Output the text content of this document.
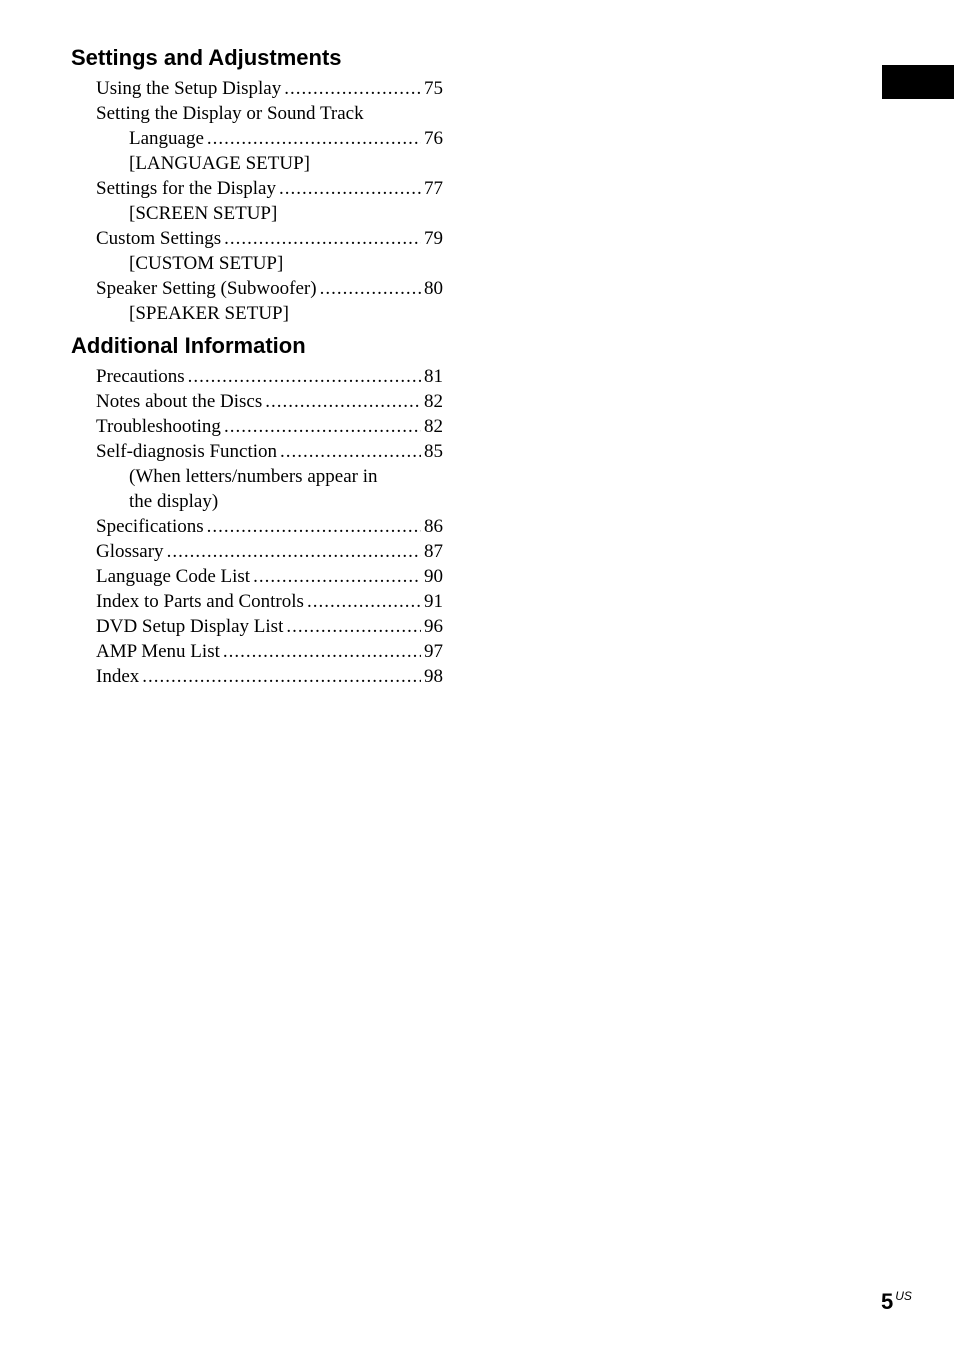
Settings and Adjustments
Using the Setup Display .....	75
Setting the Display or Sound Track
Language .....	76
[LANGUAGE SETUP]
Settings for the Display .....	77
[SCREEN SETUP]
Custom Settings .....	79
[CUSTOM SETUP]
Speaker Setting (Subwoofer) .....	80
[SPEAKER SETUP]
Additional Information
Precautions .....	81
Notes about the Discs .....	82
Troubleshooting .....	82
Self-diagnosis Function .....	85
(When letters/numbers appear in
the display)
Specifications .....	86
Glossary .....	87
Language Code List .....	90
Index to Parts and Controls .....	91
DVD Setup Display List .....	96
AMP Menu List .....	97
Index .....	98
5 $^{US}$
